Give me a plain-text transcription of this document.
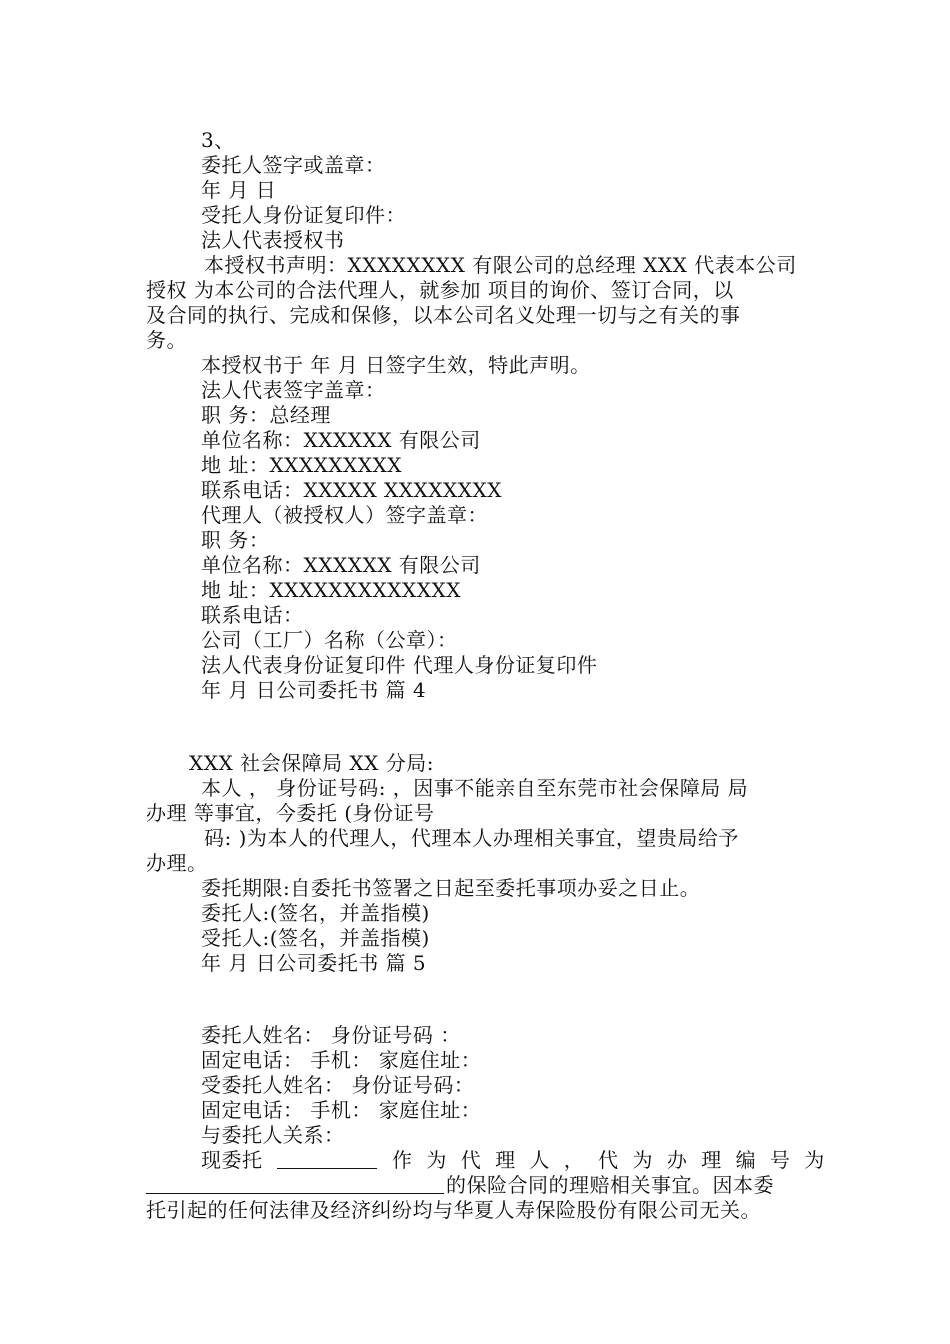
3、
委托人签字或盖章：
年 月 日
受托人身份证复印件：
法人代表授权书
本授权书声明：XXXXXXXX 有限公司的总经理 XXX 代表本公司
授权 为本公司的合法代理人，就参加 项目的询价、签订合同，以
及合同的执行、完成和保修，以本公司名义处理一切与之有关的事
务。
本授权书于 年 月 日签字生效，特此声明。
法人代表签字盖章：
职 务：总经理
单位名称：XXXXXX 有限公司
地 址：XXXXXXXXX
联系电话：XXXXX XXXXXXXX
代理人（被授权人）签字盖章：
职 务：
单位名称：XXXXXX 有限公司
地 址：XXXXXXXXXXXXX
联系电话：
公司（工厂）名称（公章）：
法人代表身份证复印件 代理人身份证复印件
年 月 日公司委托书 篇 4
XXX 社会保障局 XX 分局:
本人 ， 身份证号码: ，因事不能亲自至东莞市社会保障局 局
办理 等事宜，今委托 (身份证号
码: )为本人的代理人，代理本人办理相关事宜，望贵局给予
办理。
委托期限:自委托书签署之日起至委托事项办妥之日止。
委托人:(签名，并盖指模)
受托人:(签名，并盖指模)
年 月 日公司委托书 篇 5
委托人姓名： 身份证号码 ：
固定电话： 手机： 家庭住址：
受委托人姓名： 身份证号码：
固定电话： 手机： 家庭住址：
与委托人关系：
现委托	作 为 代 理 人 ， 代 为 办 理 编 号 为
的保险合同的理赔相关事宜。因本委
托引起的任何法律及经济纠纷均与华夏人寿保险股份有限公司无关。
